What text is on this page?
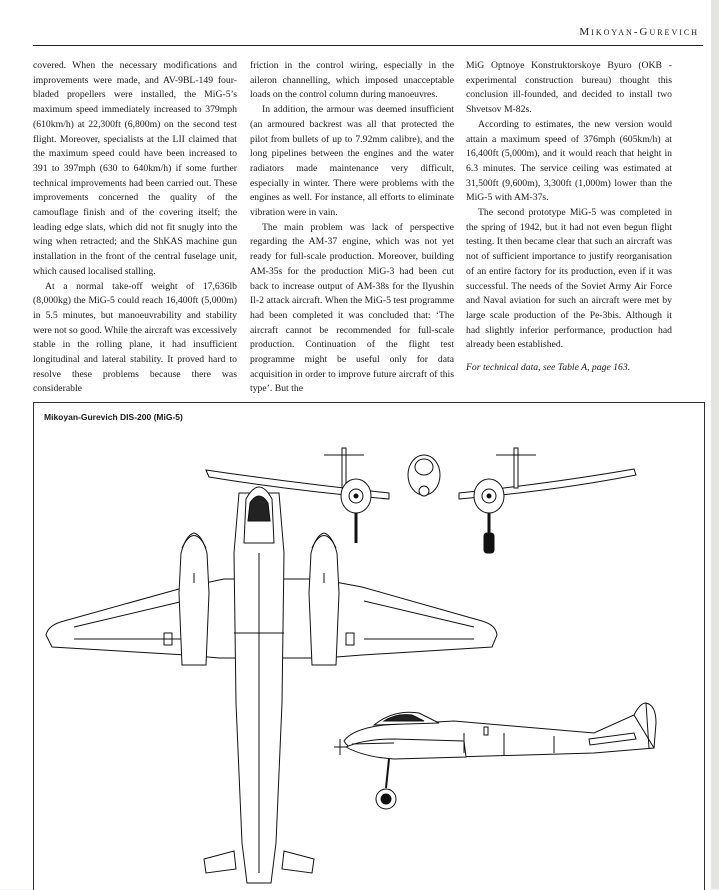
Mikoyan-Gurevich

covered. When the necessary modifications and improvements were made, and AV-9BL-149 four-bladed propellers were installed, the MiG-5’s maximum speed immediately increased to 379mph (610km/h) at 22,300ft (6,800m) on the second test flight. Moreover, specialists at the LII claimed that the maximum speed could have been increased to 391 to 397mph (630 to 640km/h) if some further technical improvements had been carried out. These improvements concerned the quality of the camouflage finish and of the covering itself; the leading edge slats, which did not fit snugly into the wing when retracted; and the ShKAS machine gun installation in the front of the central fuselage unit, which caused localised stalling.

At a normal take-off weight of 17,636lb (8,000kg) the MiG-5 could reach 16,400ft (5,000m) in 5.5 minutes, but manoeuvrability and stability were not so good. While the aircraft was excessively stable in the rolling plane, it had insufficient longitudinal and lateral stability. It proved hard to resolve these problems because there was considerable

friction in the control wiring, especially in the aileron channelling, which imposed unacceptable loads on the control column during manoeuvres.

In addition, the armour was deemed insufficient (an armoured backrest was all that protected the pilot from bullets of up to 7.92mm calibre), and the long pipelines between the engines and the water radiators made maintenance very difficult, especially in winter. There were problems with the engines as well. For instance, all efforts to eliminate vibration were in vain.

The main problem was lack of perspective regarding the AM-37 engine, which was not yet ready for full-scale production. Moreover, building AM-35s for the production MiG-3 had been cut back to increase output of AM-38s for the Ilyushin Il-2 attack aircraft. When the MiG-5 test programme had been completed it was concluded that: ‘The aircraft cannot be recommended for full-scale production. Continuation of the flight test programme might be useful only for data acquisition in order to improve future aircraft of this type’. But the

MiG Optnoye Konstruktorskoye Byuro (OKB - experimental construction bureau) thought this conclusion ill-founded, and decided to install two Shvetsov M-82s.

According to estimates, the new version would attain a maximum speed of 376mph (605km/h) at 16,400ft (5,000m), and it would reach that height in 6.3 minutes. The service ceiling was estimated at 31,500ft (9,600m), 3,300ft (1,000m) lower than the MiG-5 with AM-37s.

The second prototype MiG-5 was completed in the spring of 1942, but it had not even begun flight testing. It then became clear that such an aircraft was not of sufficient importance to justify reorganisation of an entire factory for its production, even if it was successful. The needs of the Soviet Army Air Force and Naval aviation for such an aircraft were met by large scale production of the Pe-3bis. Although it had slightly inferior performance, production had already been established.

For technical data, see Table A, page 163.

Mikoyan-Gurevich DIS-200 (MiG-5)
